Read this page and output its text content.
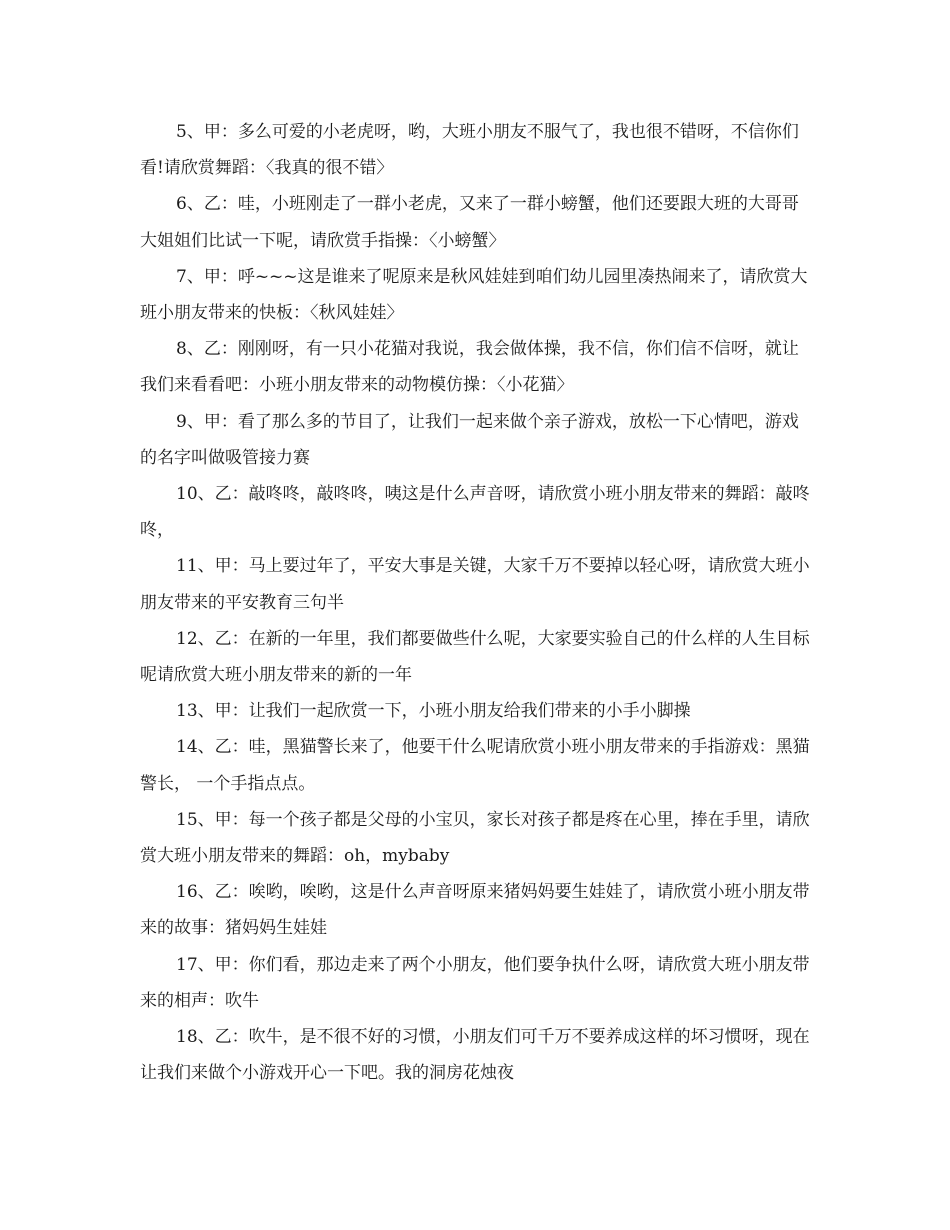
5、甲：多么可爱的小老虎呀，哟，大班小朋友不服气了，我也很不错呀，不信你们看!请欣赏舞蹈：〈我真的很不错〉

6、乙：哇，小班刚走了一群小老虎，又来了一群小螃蟹，他们还要跟大班的大哥哥大姐姐们比试一下呢，请欣赏手指操：〈小螃蟹〉

7、甲：呼~~~这是谁来了呢原来是秋风娃娃到咱们幼儿园里凑热闹来了，请欣赏大班小朋友带来的快板：〈秋风娃娃〉

8、乙：刚刚呀，有一只小花猫对我说，我会做体操，我不信，你们信不信呀，就让我们来看看吧：小班小朋友带来的动物模仿操：〈小花猫〉

9、甲：看了那么多的节目了，让我们一起来做个亲子游戏，放松一下心情吧，游戏的名字叫做吸管接力赛

10、乙：敲咚咚，敲咚咚，咦这是什么声音呀，请欣赏小班小朋友带来的舞蹈：敲咚咚，

11、甲：马上要过年了，平安大事是关键，大家千万不要掉以轻心呀，请欣赏大班小朋友带来的平安教育三句半

12、乙：在新的一年里，我们都要做些什么呢，大家要实验自己的什么样的人生目标呢请欣赏大班小朋友带来的新的一年

13、甲：让我们一起欣赏一下，小班小朋友给我们带来的小手小脚操

14、乙：哇，黑猫警长来了，他要干什么呢请欣赏小班小朋友带来的手指游戏：黑猫警长， 一个手指点点。

15、甲：每一个孩子都是父母的小宝贝，家长对孩子都是疼在心里，捧在手里，请欣赏大班小朋友带来的舞蹈：oh，mybaby

16、乙：唉哟，唉哟，这是什么声音呀原来猪妈妈要生娃娃了，请欣赏小班小朋友带来的故事：猪妈妈生娃娃

17、甲：你们看，那边走来了两个小朋友，他们要争执什么呀，请欣赏大班小朋友带来的相声：吹牛

18、乙：吹牛，是不很不好的习惯，小朋友们可千万不要养成这样的坏习惯呀，现在让我们来做个小游戏开心一下吧。我的洞房花烛夜
